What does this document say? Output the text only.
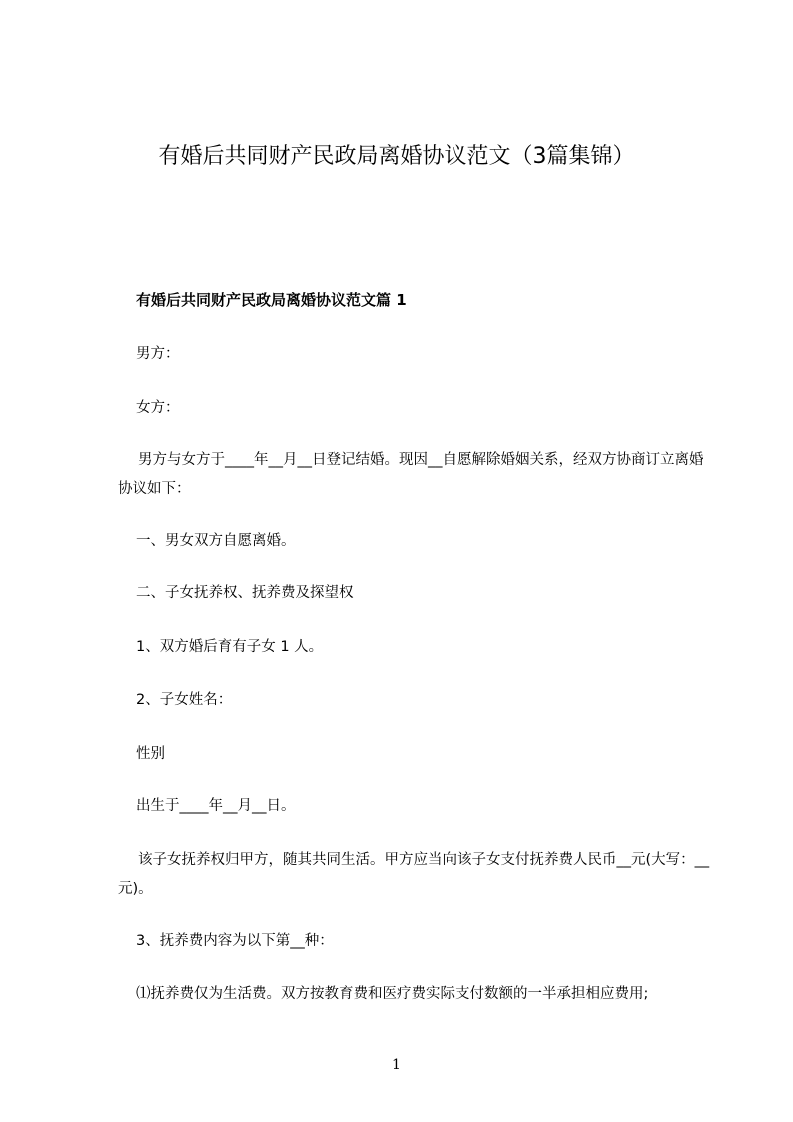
有婚后共同财产民政局离婚协议范文（3篇集锦）
有婚后共同财产民政局离婚协议范文篇 1

男方：

女方：

男方与女方于____年__月__日登记结婚。现因__自愿解除婚姻关系，经双方协商订立离婚协议如下：

一、男女双方自愿离婚。

二、子女抚养权、抚养费及探望权

1、双方婚后育有子女 1 人。

2、子女姓名：

性别

出生于____年__月__日。

该子女抚养权归甲方，随其共同生活。甲方应当向该子女支付抚养费人民币__元(大写：__元)。

3、抚养费内容为以下第__种：

⑴抚养费仅为生活费。双方按教育费和医疗费实际支付数额的一半承担相应费用;

1
